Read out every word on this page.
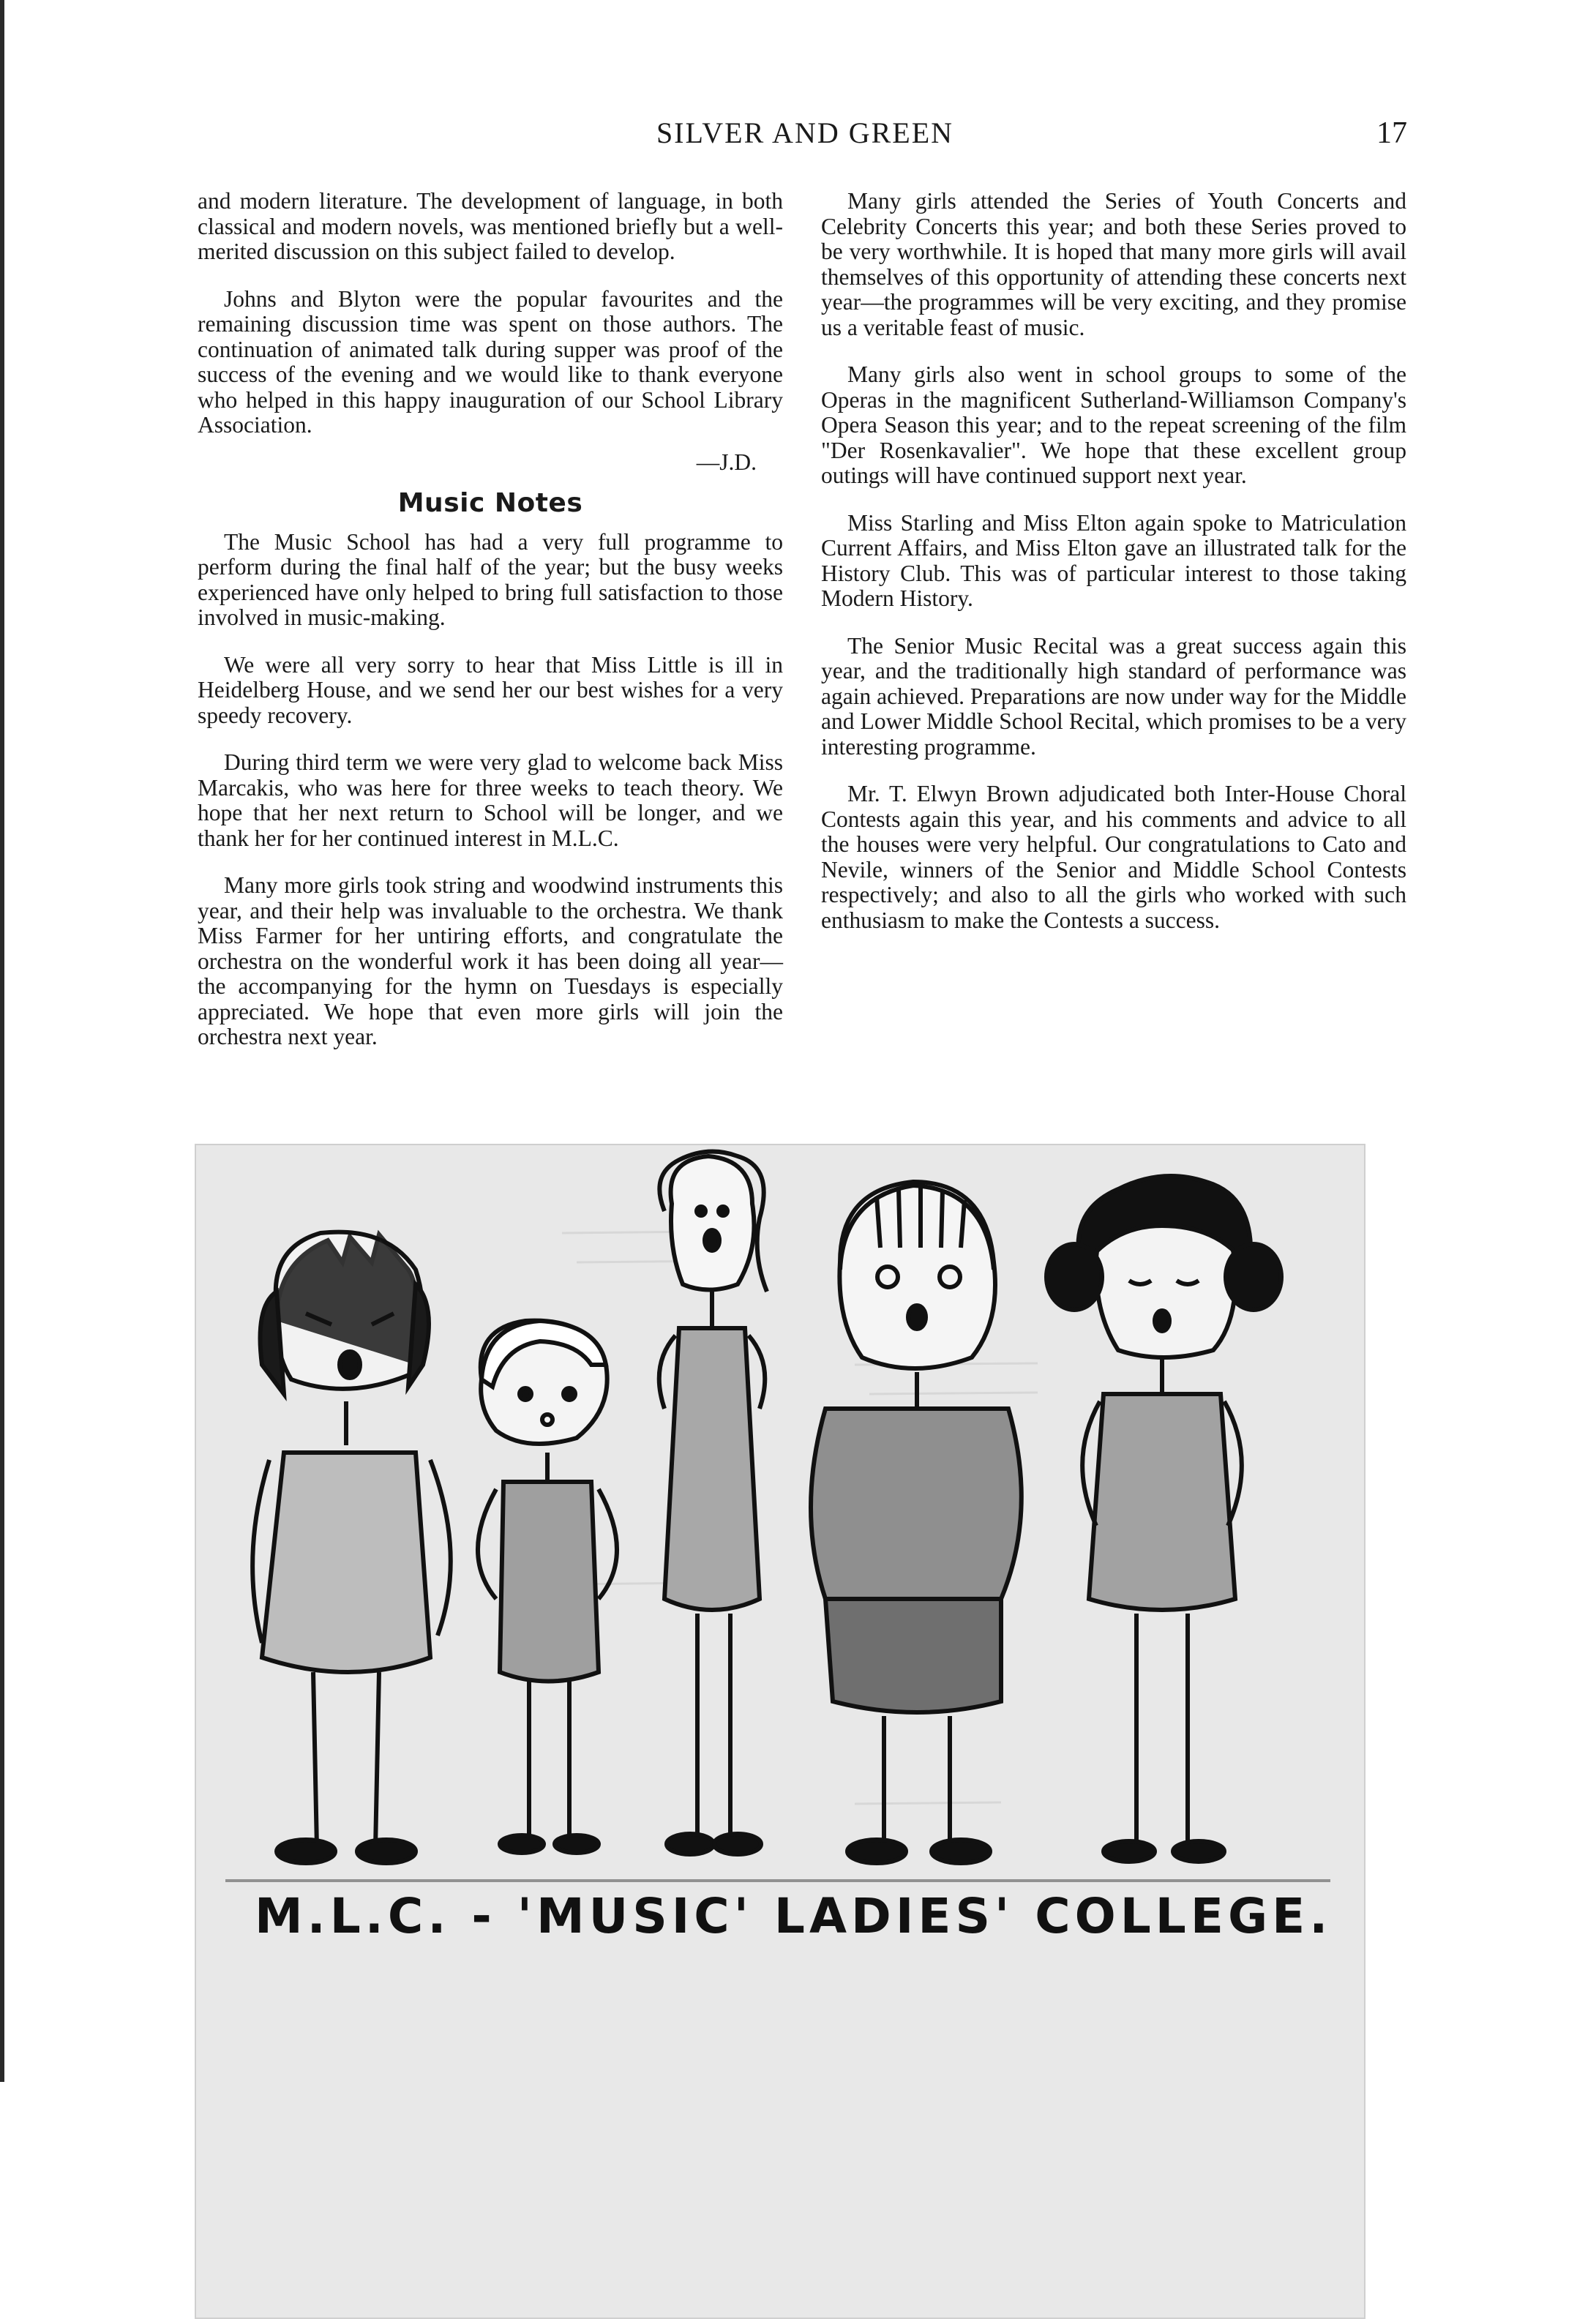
SILVER AND GREEN	17

and modern literature. The development of language, in both classical and modern novels, was mentioned briefly but a well-merited discussion on this subject failed to develop.

Johns and Blyton were the popular favourites and the remaining discussion time was spent on those authors. The continuation of animated talk during supper was proof of the success of the evening and we would like to thank everyone who helped in this happy inauguration of our School Library Association.

—J.D.

Music Notes

The Music School has had a very full programme to perform during the final half of the year; but the busy weeks experienced have only helped to bring full satisfaction to those involved in music-making.

We were all very sorry to hear that Miss Little is ill in Heidelberg House, and we send her our best wishes for a very speedy recovery.

During third term we were very glad to welcome back Miss Marcakis, who was here for three weeks to teach theory. We hope that her next return to School will be longer, and we thank her for her continued interest in M.L.C.

Many more girls took string and woodwind instruments this year, and their help was invaluable to the orchestra. We thank Miss Farmer for her untiring efforts, and congratulate the orchestra on the wonderful work it has been doing all year—the accompanying for the hymn on Tuesdays is especially appreciated. We hope that even more girls will join the orchestra next year.

Many girls attended the Series of Youth Concerts and Celebrity Concerts this year; and both these Series proved to be very worthwhile. It is hoped that many more girls will avail themselves of this opportunity of attending these concerts next year—the programmes will be very exciting, and they promise us a veritable feast of music.

Many girls also went in school groups to some of the Operas in the magnificent Sutherland-Williamson Company's Opera Season this year; and to the repeat screening of the film "Der Rosenkavalier". We hope that these excellent group outings will have continued support next year.

Miss Starling and Miss Elton again spoke to Matriculation Current Affairs, and Miss Elton gave an illustrated talk for the History Club. This was of particular interest to those taking Modern History.

The Senior Music Recital was a great success again this year, and the traditionally high standard of performance was again achieved. Preparations are now under way for the Middle and Lower Middle School Recital, which promises to be a very interesting programme.

Mr. T. Elwyn Brown adjudicated both Inter-House Choral Contests again this year, and his comments and advice to all the houses were very helpful. Our congratulations to Cato and Nevile, winners of the Senior and Middle School Contests respectively; and also to all the girls who worked with such enthusiasm to make the Contests a success.

M.L.C. - 'MUSIC' LADIES' COLLEGE.
